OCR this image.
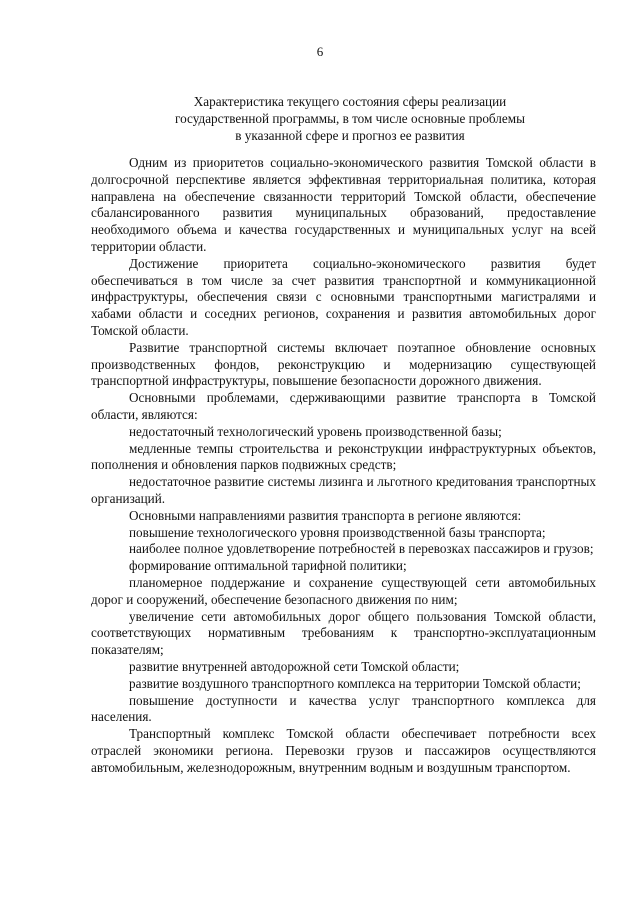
6
Характеристика текущего состояния сферы реализации
государственной программы, в том числе основные проблемы
в указанной сфере и прогноз ее развития

Одним из приоритетов социально-экономического развития Томской области в долгосрочной перспективе является эффективная территориальная политика, которая направлена на обеспечение связанности территорий Томской области, обеспечение сбалансированного развития муниципальных образований, предоставление необходимого объема и качества государственных и муниципальных услуг на всей территории области.

Достижение приоритета социально-экономического развития будет обеспечиваться в том числе за счет развития транспортной и коммуникационной инфраструктуры, обеспечения связи с основными транспортными магистралями и хабами области и соседних регионов, сохранения и развития автомобильных дорог Томской области.

Развитие транспортной системы включает поэтапное обновление основных производственных фондов, реконструкцию и модернизацию существующей транспортной инфраструктуры, повышение безопасности дорожного движения.

Основными проблемами, сдерживающими развитие транспорта в Томской области, являются:

недостаточный технологический уровень производственной базы;

медленные темпы строительства и реконструкции инфраструктурных объектов, пополнения и обновления парков подвижных средств;

недостаточное развитие системы лизинга и льготного кредитования транспортных организаций.

Основными направлениями развития транспорта в регионе являются:

повышение технологического уровня производственной базы транспорта;

наиболее полное удовлетворение потребностей в перевозках пассажиров и грузов;

формирование оптимальной тарифной политики;

планомерное поддержание и сохранение существующей сети автомобильных дорог и сооружений, обеспечение безопасного движения по ним;

увеличение сети автомобильных дорог общего пользования Томской области, соответствующих нормативным требованиям к транспортно-эксплуатационным показателям;

развитие внутренней автодорожной сети Томской области;

развитие воздушного транспортного комплекса на территории Томской области;

повышение доступности и качества услуг транспортного комплекса для населения.

Транспортный комплекс Томской области обеспечивает потребности всех отраслей экономики региона. Перевозки грузов и пассажиров осуществляются автомобильным, железнодорожным, внутренним водным и воздушным транспортом.
